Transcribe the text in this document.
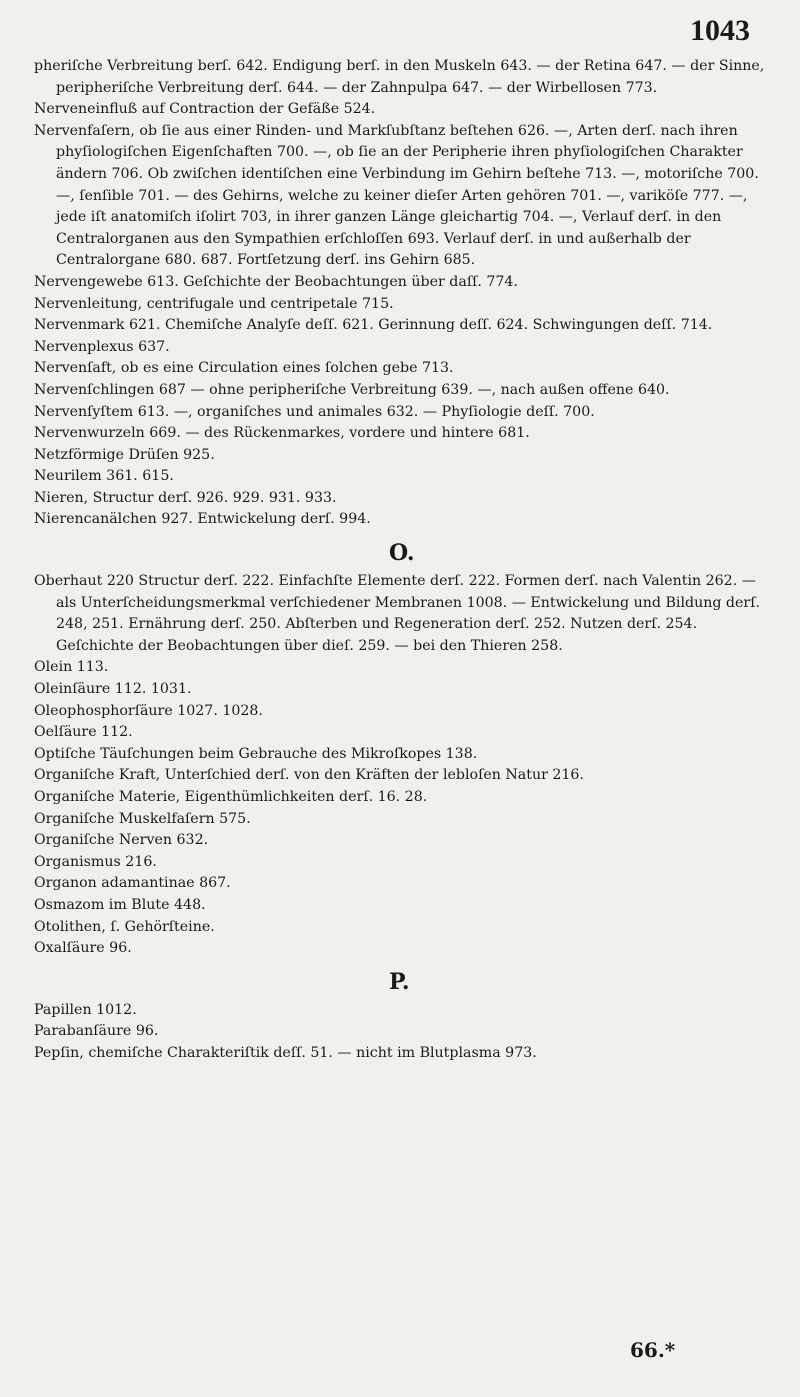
1043

pheriſche Verbreitung berſ. 642. Endigung berſ. in den Muskeln 643. — der Retina 647. — der Sinne, peripheriſche Verbreitung derſ. 644. — der Zahnpulpa 647. — der Wirbellosen 773.

Nerveneinfluß auf Contraction der Gefäße 524.

Nervenfaſern, ob ſie aus einer Rinden- und Markſubſtanz beſtehen 626. —, Arten derſ. nach ihren phyſiologiſchen Eigenſchaften 700. —, ob ſie an der Peripherie ihren phyſiologiſchen Charakter ändern 706. Ob zwiſchen identiſchen eine Verbindung im Gehirn beſtehe 713. —, motoriſche 700. —, ſenſible 701. — des Gehirns, welche zu keiner dieſer Arten gehören 701. —, variköſe 777. —, jede iſt anatomiſch iſolirt 703, in ihrer ganzen Länge gleichartig 704. —, Verlauf derſ. in den Centralorganen aus den Sympathien erſchloſſen 693. Verlauf derſ. in und außerhalb der Centralorgane 680. 687. Fortſetzung derſ. ins Gehirn 685.

Nervengewebe 613. Geſchichte der Beobachtungen über daſſ. 774.

Nervenleitung, centrifugale und centripetale 715.

Nervenmark 621. Chemiſche Analyſe deſſ. 621. Gerinnung deſſ. 624. Schwingungen deſſ. 714.

Nervenplexus 637.

Nervenſaft, ob es eine Circulation eines ſolchen gebe 713.

Nervenſchlingen 687 — ohne peripheriſche Verbreitung 639. —, nach außen offene 640.

Nervenſyſtem 613. —, organiſches und animales 632. — Phyſiologie deſſ. 700.

Nervenwurzeln 669. — des Rückenmarkes, vordere und hintere 681.

Netzförmige Drüſen 925.

Neurilem 361. 615.

Nieren, Structur derſ. 926. 929. 931. 933.

Nierencanälchen 927. Entwickelung derſ. 994.

O.

Oberhaut 220 Structur derſ. 222. Einfachſte Elemente derſ. 222. Formen derſ. nach Valentin 262. — als Unterſcheidungsmerkmal verſchiedener Membranen 1008. — Entwickelung und Bildung derſ. 248, 251. Ernährung derſ. 250. Abſterben und Regeneration derſ. 252. Nutzen derſ. 254. Geſchichte der Beobachtungen über dieſ. 259. — bei den Thieren 258.

Olein 113.

Oleinſäure 112. 1031.

Oleophosphorſäure 1027. 1028.

Oelſäure 112.

Optiſche Täuſchungen beim Gebrauche des Mikroſkopes 138.

Organiſche Kraft, Unterſchied derſ. von den Kräften der lebloſen Natur 216.

Organiſche Materie, Eigenthümlichkeiten derſ. 16. 28.

Organiſche Muskelfaſern 575.

Organiſche Nerven 632.

Organismus 216.

Organon adamantinae 867.

Osmazom im Blute 448.

Otolithen, ſ. Gehörſteine.

Oxalſäure 96.

P.

Papillen 1012.

Parabanſäure 96.

Pepſin, chemiſche Charakteriſtik deſſ. 51. — nicht im Blutplasma 973.

66.*
